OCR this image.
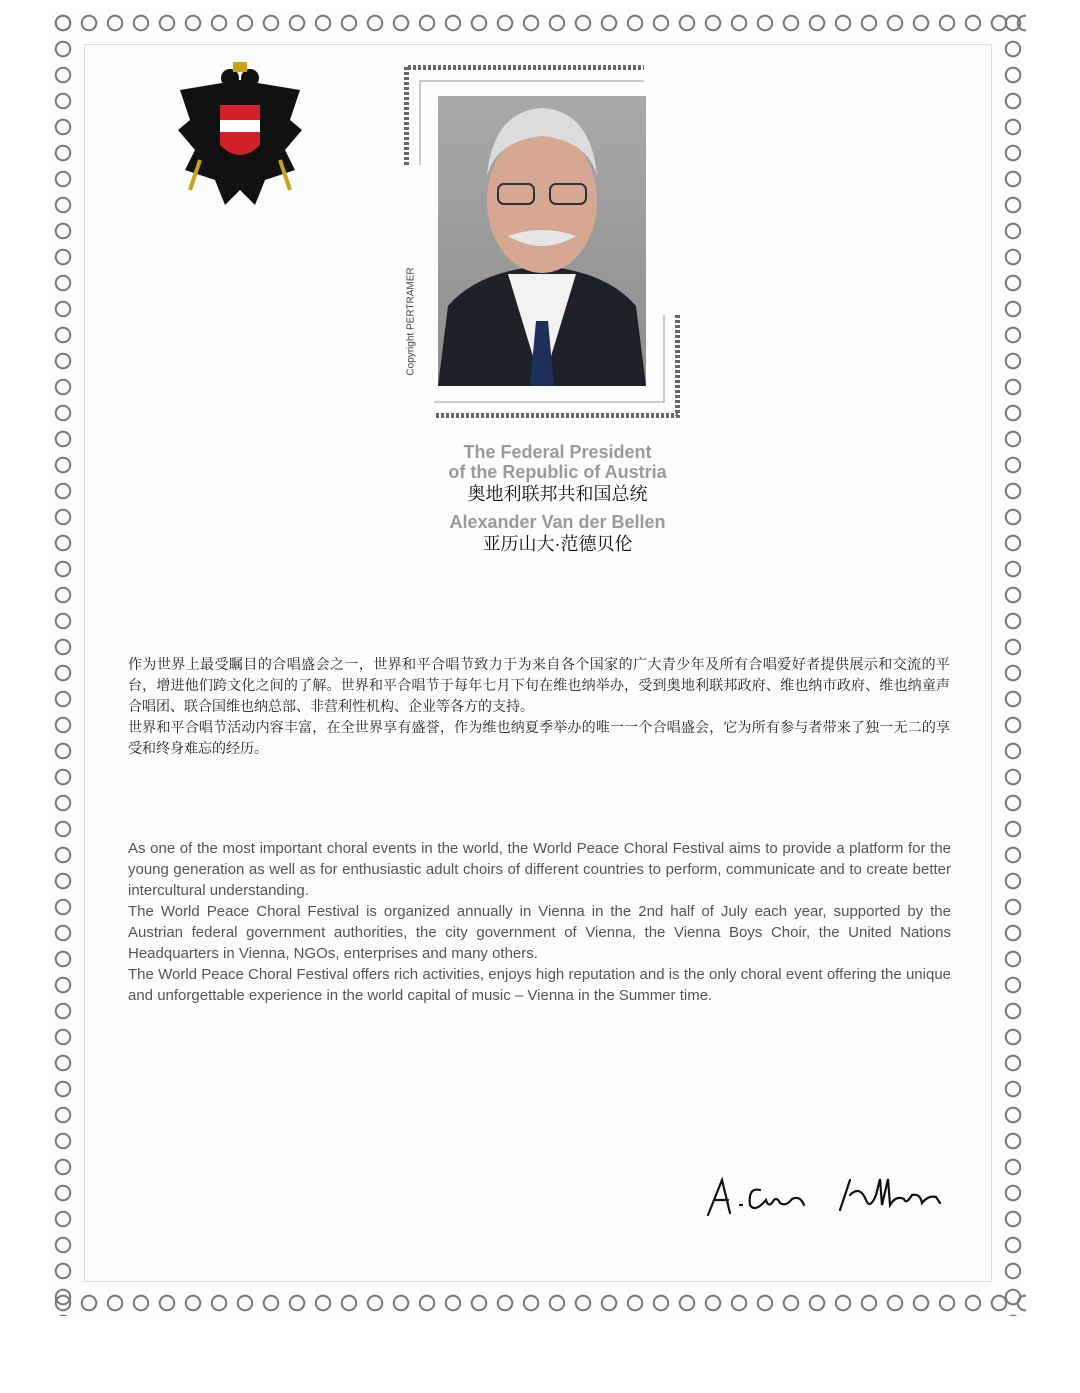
Copyright PERTRAMER
The Federal President
of the Republic of Austria
奥地利联邦共和国总统
Alexander Van der Bellen
亚历山大·范德贝伦

作为世界上最受瞩目的合唱盛会之一，世界和平合唱节致力于为来自各个国家的广大青少年及所有合唱爱好者提供展示和交流的平台，增进他们跨文化之间的了解。世界和平合唱节于每年七月下旬在维也纳举办，受到奥地利联邦政府、维也纳市政府、维也纳童声合唱团、联合国维也纳总部、非营利性机构、企业等各方的支持。

世界和平合唱节活动内容丰富，在全世界享有盛誉，作为维也纳夏季举办的唯一一个合唱盛会，它为所有参与者带来了独一无二的享受和终身难忘的经历。

As one of the most important choral events in the world, the World Peace Choral Festival aims to provide a platform for the young generation as well as for enthusiastic adult choirs of different countries to perform, communicate and to create better intercultural understanding.

The World Peace Choral Festival is organized annually in Vienna in the 2nd half of July each year, supported by the Austrian federal government authorities, the city government of Vienna, the Vienna Boys Choir, the United Nations Headquarters in Vienna, NGOs, enterprises and many others.

The World Peace Choral Festival offers rich activities, enjoys high reputation and is the only choral event offering the unique and unforgettable experience in the world capital of music – Vienna in the Summer time.
